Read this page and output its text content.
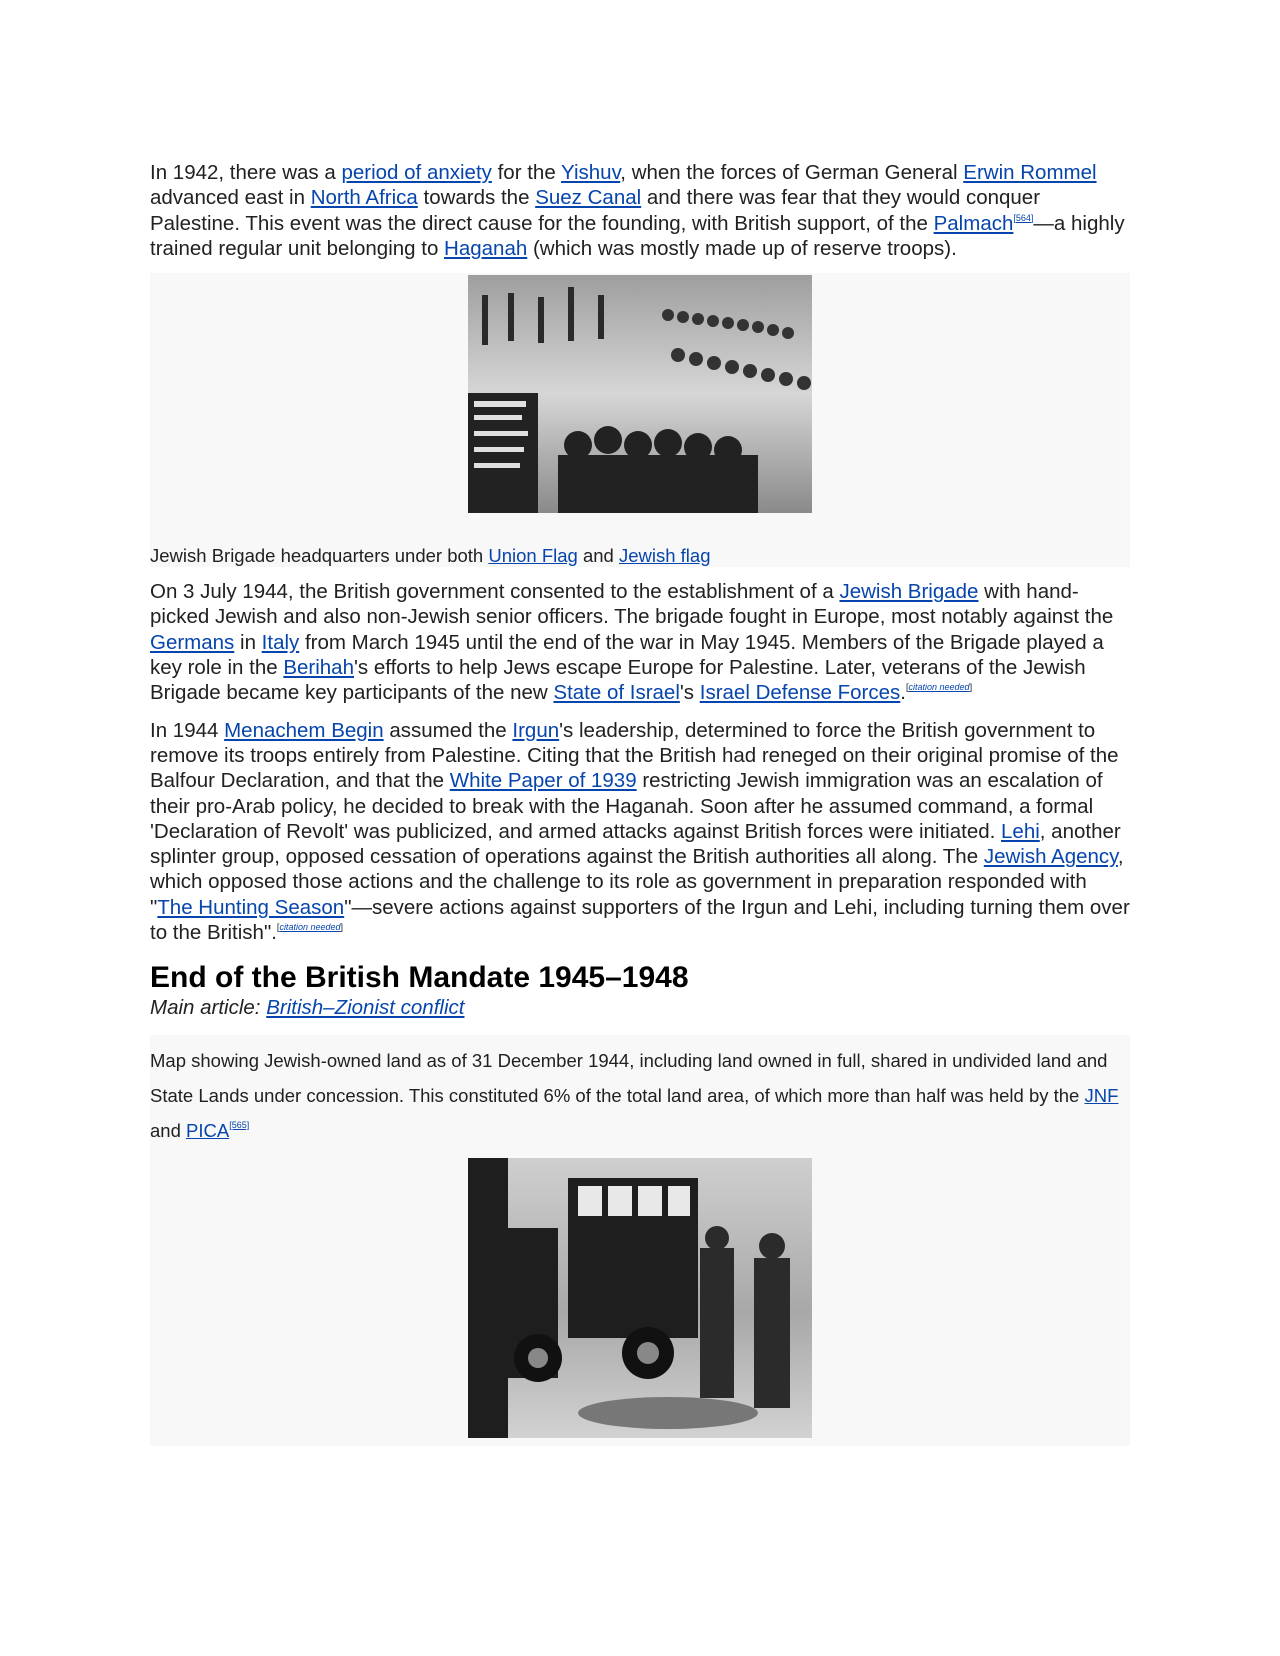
In 1942, there was a period of anxiety for the Yishuv, when the forces of German General Erwin Rommel advanced east in North Africa towards the Suez Canal and there was fear that they would conquer Palestine. This event was the direct cause for the founding, with British support, of the Palmach[564]—a highly trained regular unit belonging to Haganah (which was mostly made up of reserve troops).

Jewish Brigade headquarters under both Union Flag and Jewish flag

On 3 July 1944, the British government consented to the establishment of a Jewish Brigade with hand-picked Jewish and also non-Jewish senior officers. The brigade fought in Europe, most notably against the Germans in Italy from March 1945 until the end of the war in May 1945. Members of the Brigade played a key role in the Berihah's efforts to help Jews escape Europe for Palestine. Later, veterans of the Jewish Brigade became key participants of the new State of Israel's Israel Defense Forces.[citation needed]

In 1944 Menachem Begin assumed the Irgun's leadership, determined to force the British government to remove its troops entirely from Palestine. Citing that the British had reneged on their original promise of the Balfour Declaration, and that the White Paper of 1939 restricting Jewish immigration was an escalation of their pro-Arab policy, he decided to break with the Haganah. Soon after he assumed command, a formal 'Declaration of Revolt' was publicized, and armed attacks against British forces were initiated. Lehi, another splinter group, opposed cessation of operations against the British authorities all along. The Jewish Agency, which opposed those actions and the challenge to its role as government in preparation responded with "The Hunting Season"—severe actions against supporters of the Irgun and Lehi, including turning them over to the British".[citation needed]

End of the British Mandate 1945–1948

Main article: British–Zionist conflict

Map showing Jewish-owned land as of 31 December 1944, including land owned in full, shared in undivided land and State Lands under concession. This constituted 6% of the total land area, of which more than half was held by the JNF and PICA[565]
